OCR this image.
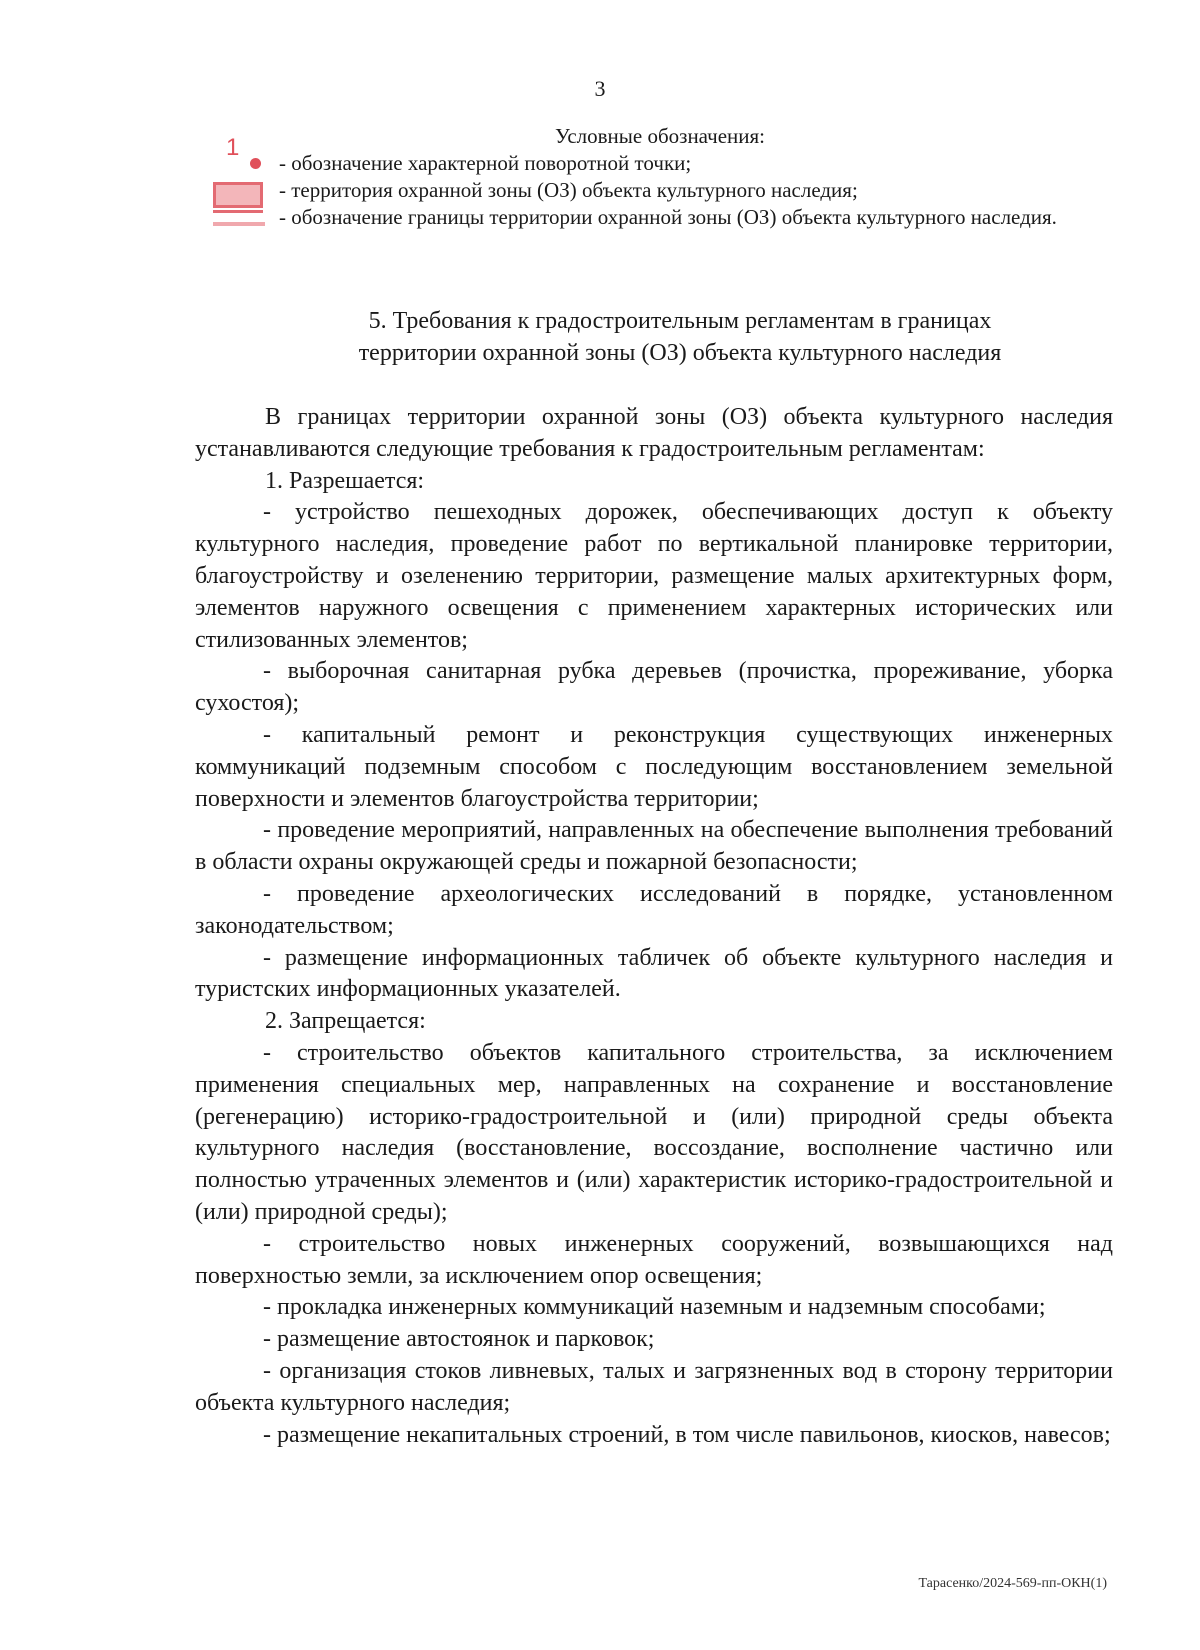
3
Условные обозначения:
1
- обозначение характерной поворотной точки;
- территория охранной зоны (ОЗ) объекта культурного наследия;
- обозначение границы территории охранной зоны (ОЗ) объекта культурного наследия.
5. Требования к градостроительным регламентам в границах
территории охранной зоны (ОЗ) объекта культурного наследия

В границах территории охранной зоны (ОЗ) объекта культурного наследия устанавливаются следующие требования к градостроительным регламентам:

1. Разрешается:

- устройство пешеходных дорожек, обеспечивающих доступ к объекту культурного наследия, проведение работ по вертикальной планировке территории, благоустройству и озеленению территории, размещение малых архитектурных форм, элементов наружного освещения с применением характерных исторических или стилизованных элементов;

- выборочная санитарная рубка деревьев (прочистка, прореживание, уборка сухостоя);

- капитальный ремонт и реконструкция существующих инженерных коммуникаций подземным способом с последующим восстановлением земельной поверхности и элементов благоустройства территории;

- проведение мероприятий, направленных на обеспечение выполнения требований в области охраны окружающей среды и пожарной безопасности;

- проведение археологических исследований в порядке, установленном законодательством;

- размещение информационных табличек об объекте культурного наследия и туристских информационных указателей.

2. Запрещается:

- строительство объектов капитального строительства, за исключением применения специальных мер, направленных на сохранение и восстановление (регенерацию) историко-градостроительной и (или) природной среды объекта культурного наследия (восстановление, воссоздание, восполнение частично или полностью утраченных элементов и (или) характеристик историко-градостроительной и (или) природной среды);

- строительство новых инженерных сооружений, возвышающихся над поверхностью земли, за исключением опор освещения;

- прокладка инженерных коммуникаций наземным и надземным способами;

- размещение автостоянок и парковок;

- организация стоков ливневых, талых и загрязненных вод в сторону территории объекта культурного наследия;

- размещение некапитальных строений, в том числе павильонов, киосков, навесов;

Тарасенко/2024-569-пп-ОКН(1)
